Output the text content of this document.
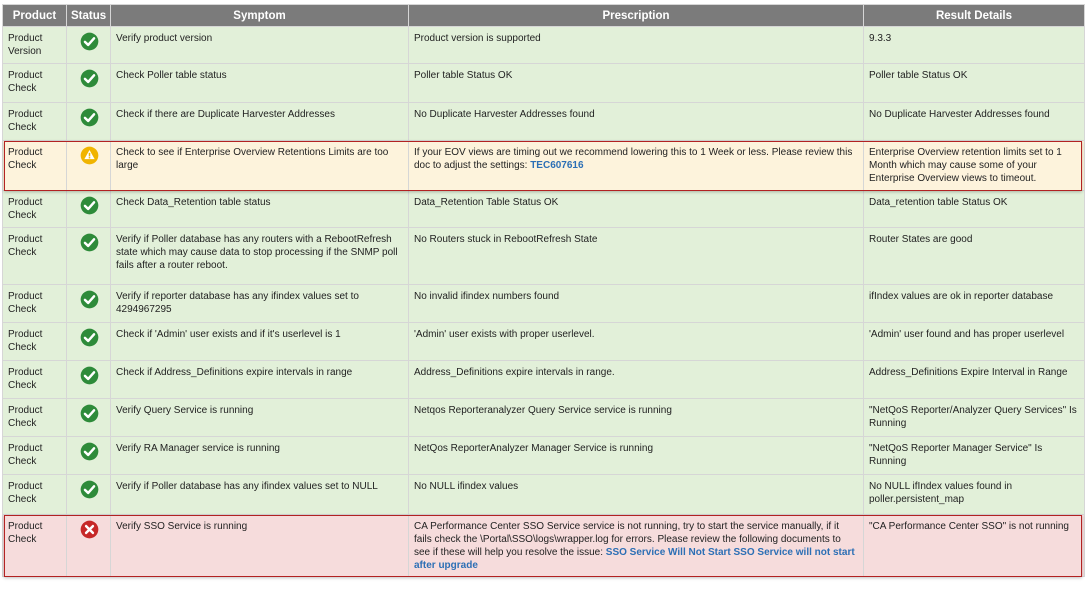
Product	Status	Symptom	Prescription	Result Details
Product Version		Verify product version	Product version is supported	9.3.3
Product Check		Check Poller table status	Poller table Status OK	Poller table Status OK
Product Check		Check if there are Duplicate Harvester Addresses	No Duplicate Harvester Addresses found	No Duplicate Harvester Addresses found
Product Check		Check to see if Enterprise Overview Retentions Limits are too large	If your EOV views are timing out we recommend lowering this to 1 Week or less. Please review this doc to adjust the settings: TEC607616	Enterprise Overview retention limits set to 1 Month which may cause some of your Enterprise Overview views to timeout.
Product Check		Check Data_Retention table status	Data_Retention Table Status OK	Data_retention table Status OK
Product Check		Verify if Poller database has any routers with a RebootRefresh state which may cause data to stop processing if the SNMP poll fails after a router reboot.	No Routers stuck in RebootRefresh State	Router States are good
Product Check		Verify if reporter database has any ifindex values set to 4294967295	No invalid ifindex numbers found	ifIndex values are ok in reporter database
Product Check		Check if 'Admin' user exists and if it's userlevel is 1	'Admin' user exists with proper userlevel.	'Admin' user found and has proper userlevel
Product Check		Check if Address_Definitions expire intervals in range	Address_Definitions expire intervals in range.	Address_Definitions Expire Interval in Range
Product Check		Verify Query Service is running	Netqos Reporteranalyzer Query Service service is running	"NetQoS Reporter/Analyzer Query Services" Is Running
Product Check		Verify RA Manager service is running	NetQos ReporterAnalyzer Manager Service is running	"NetQoS Reporter Manager Service" Is Running
Product Check		Verify if Poller database has any ifindex values set to NULL	No NULL ifindex values	No NULL ifIndex values found in poller.persistent_map
Product Check		Verify SSO Service is running	CA Performance Center SSO Service service is not running, try to start the service manually, if it fails check the \Portal\SSO\logs\wrapper.log for errors. Please review the following documents to see if these will help you resolve the issue: SSO Service Will Not Start SSO Service will not start after upgrade	"CA Performance Center SSO" is not running
